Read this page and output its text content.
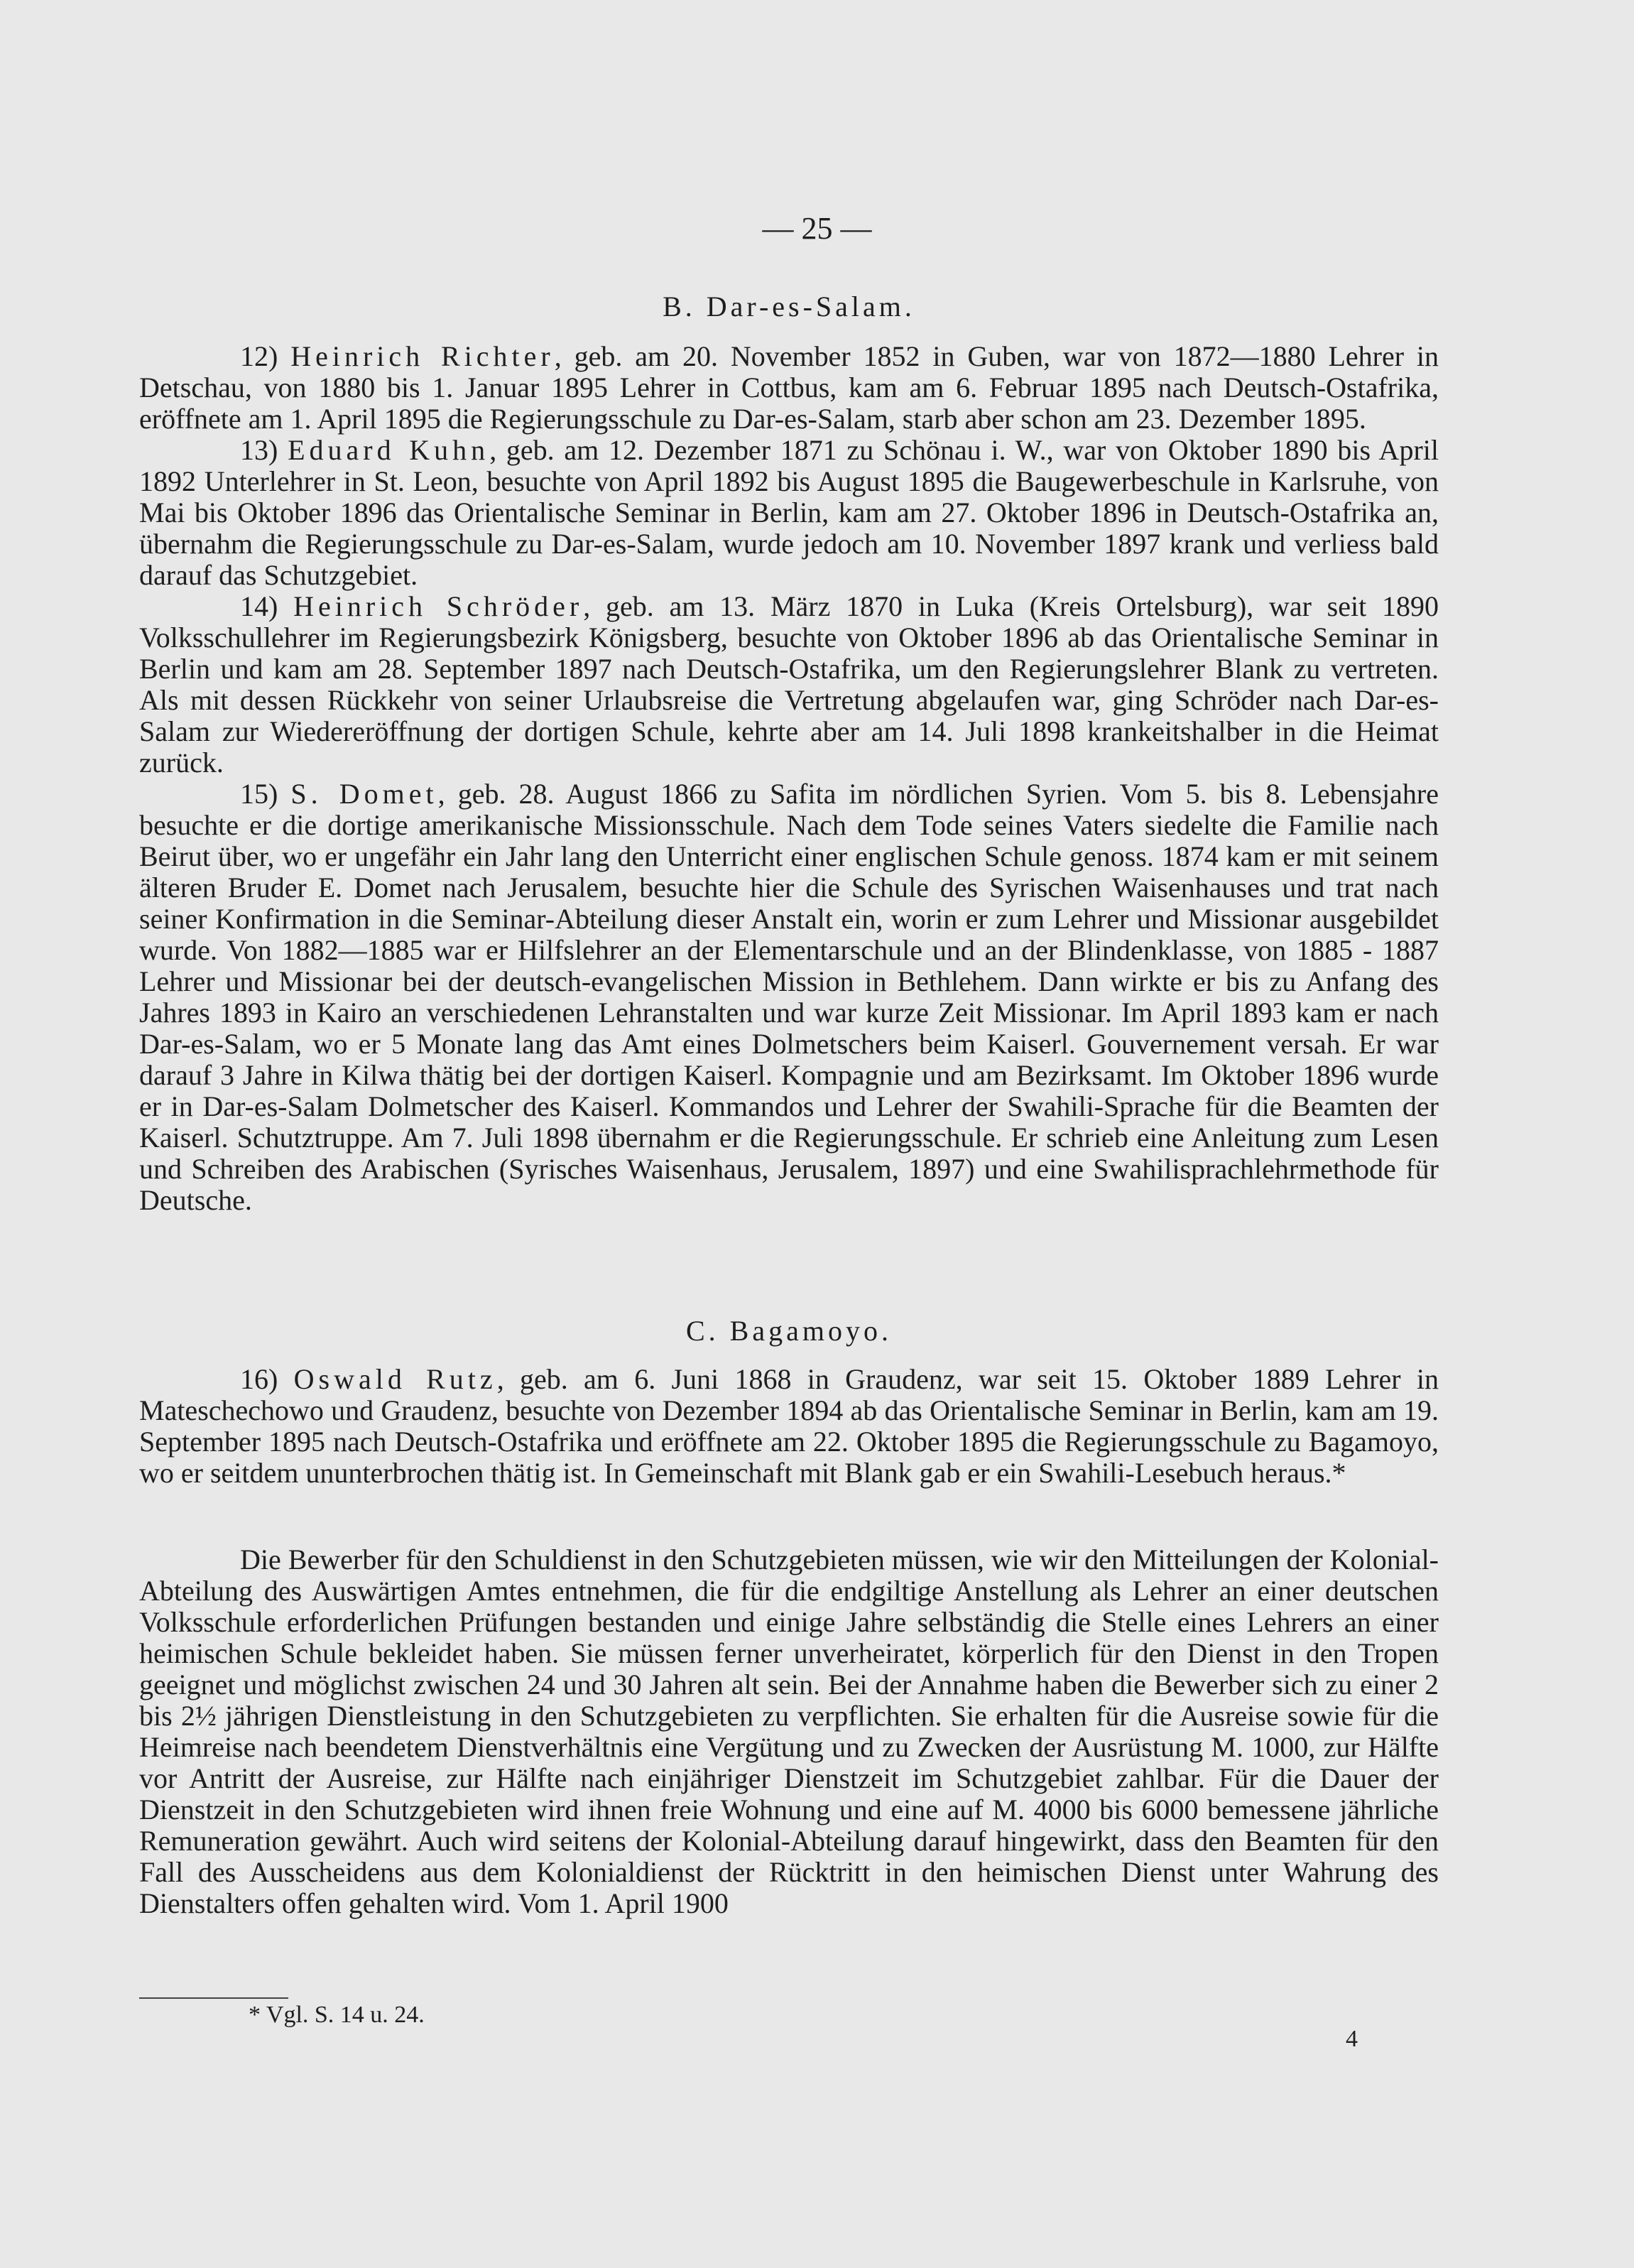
— 25 —

B. Dar-es-Salam.

12) Heinrich Richter, geb. am 20. November 1852 in Guben, war von 1872—1880 Lehrer in Detschau, von 1880 bis 1. Januar 1895 Lehrer in Cottbus, kam am 6. Februar 1895 nach Deutsch-Ostafrika, eröffnete am 1. April 1895 die Regierungsschule zu Dar-es-Salam, starb aber schon am 23. Dezember 1895.

13) Eduard Kuhn, geb. am 12. Dezember 1871 zu Schönau i. W., war von Oktober 1890 bis April 1892 Unterlehrer in St. Leon, besuchte von April 1892 bis August 1895 die Baugewerbeschule in Karlsruhe, von Mai bis Oktober 1896 das Orientalische Seminar in Berlin, kam am 27. Oktober 1896 in Deutsch-Ostafrika an, übernahm die Regierungsschule zu Dar-es-Salam, wurde jedoch am 10. November 1897 krank und verliess bald darauf das Schutzgebiet.

14) Heinrich Schröder, geb. am 13. März 1870 in Luka (Kreis Ortelsburg), war seit 1890 Volksschullehrer im Regierungsbezirk Königsberg, besuchte von Oktober 1896 ab das Orientalische Seminar in Berlin und kam am 28. September 1897 nach Deutsch-Ostafrika, um den Regierungslehrer Blank zu vertreten. Als mit dessen Rückkehr von seiner Urlaubsreise die Vertretung abgelaufen war, ging Schröder nach Dar-es-Salam zur Wiedereröffnung der dortigen Schule, kehrte aber am 14. Juli 1898 krankeitshalber in die Heimat zurück.

15) S. Domet, geb. 28. August 1866 zu Safita im nördlichen Syrien. Vom 5. bis 8. Lebensjahre besuchte er die dortige amerikanische Missionsschule. Nach dem Tode seines Vaters siedelte die Familie nach Beirut über, wo er ungefähr ein Jahr lang den Unterricht einer englischen Schule genoss. 1874 kam er mit seinem älteren Bruder E. Domet nach Jerusalem, besuchte hier die Schule des Syrischen Waisenhauses und trat nach seiner Konfirmation in die Seminar-Abteilung dieser Anstalt ein, worin er zum Lehrer und Missionar ausgebildet wurde. Von 1882—1885 war er Hilfslehrer an der Elementarschule und an der Blindenklasse, von 1885 - 1887 Lehrer und Missionar bei der deutsch-evangelischen Mission in Bethlehem. Dann wirkte er bis zu Anfang des Jahres 1893 in Kairo an verschiedenen Lehranstalten und war kurze Zeit Missionar. Im April 1893 kam er nach Dar-es-Salam, wo er 5 Monate lang das Amt eines Dolmetschers beim Kaiserl. Gouvernement versah. Er war darauf 3 Jahre in Kilwa thätig bei der dortigen Kaiserl. Kompagnie und am Bezirksamt. Im Oktober 1896 wurde er in Dar-es-Salam Dolmetscher des Kaiserl. Kommandos und Lehrer der Swahili-Sprache für die Beamten der Kaiserl. Schutztruppe. Am 7. Juli 1898 übernahm er die Regierungsschule. Er schrieb eine Anleitung zum Lesen und Schreiben des Arabischen (Syrisches Waisenhaus, Jerusalem, 1897) und eine Swahilisprachlehrmethode für Deutsche.

C. Bagamoyo.

16) Oswald Rutz, geb. am 6. Juni 1868 in Graudenz, war seit 15. Oktober 1889 Lehrer in Mateschechowo und Graudenz, besuchte von Dezember 1894 ab das Orientalische Seminar in Berlin, kam am 19. September 1895 nach Deutsch-Ostafrika und eröffnete am 22. Oktober 1895 die Regierungsschule zu Bagamoyo, wo er seitdem ununterbrochen thätig ist. In Gemeinschaft mit Blank gab er ein Swahili-Lesebuch heraus.*

Die Bewerber für den Schuldienst in den Schutzgebieten müssen, wie wir den Mitteilungen der Kolonial-Abteilung des Auswärtigen Amtes entnehmen, die für die endgiltige Anstellung als Lehrer an einer deutschen Volksschule erforderlichen Prüfungen bestanden und einige Jahre selbständig die Stelle eines Lehrers an einer heimischen Schule bekleidet haben. Sie müssen ferner unverheiratet, körperlich für den Dienst in den Tropen geeignet und möglichst zwischen 24 und 30 Jahren alt sein. Bei der Annahme haben die Bewerber sich zu einer 2 bis 2½ jährigen Dienstleistung in den Schutzgebieten zu verpflichten. Sie erhalten für die Ausreise sowie für die Heimreise nach beendetem Dienstverhältnis eine Vergütung und zu Zwecken der Ausrüstung M. 1000, zur Hälfte vor Antritt der Ausreise, zur Hälfte nach einjähriger Dienstzeit im Schutzgebiet zahlbar. Für die Dauer der Dienstzeit in den Schutzgebieten wird ihnen freie Wohnung und eine auf M. 4000 bis 6000 bemessene jährliche Remuneration gewährt. Auch wird seitens der Kolonial-Abteilung darauf hingewirkt, dass den Beamten für den Fall des Ausscheidens aus dem Kolonialdienst der Rücktritt in den heimischen Dienst unter Wahrung des Dienstalters offen gehalten wird. Vom 1. April 1900

* Vgl. S. 14 u. 24.
4
